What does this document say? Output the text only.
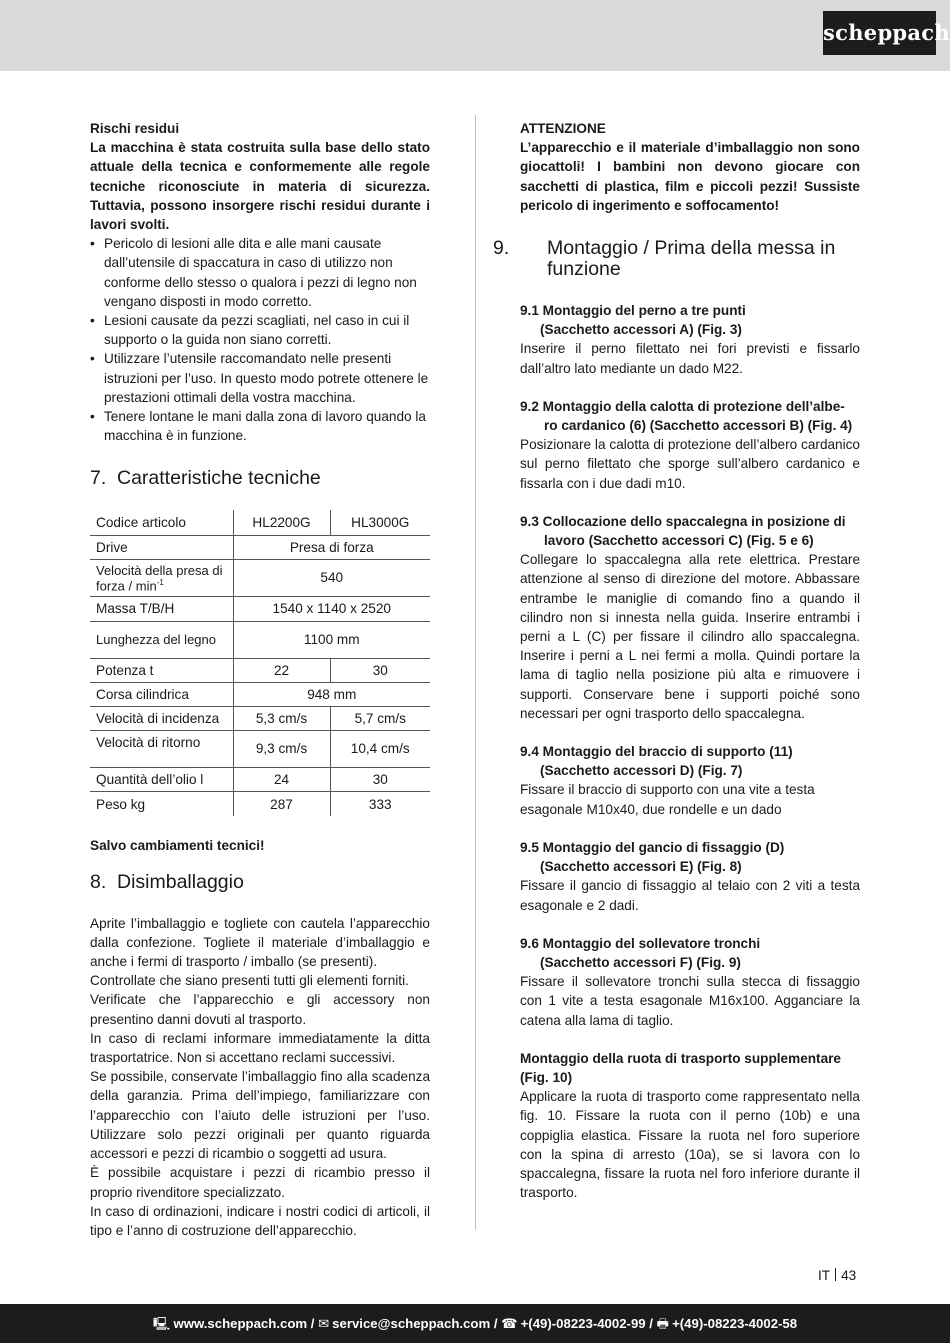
scheppach
Rischi residui

La macchina è stata costruita sulla base dello stato attuale della tecnica e conformemente alle regole tecniche riconosciute in materia di sicurezza. Tuttavia, possono insorgere rischi residui durante i lavori svolti.

• Pericolo di lesioni alle dita e alle mani causate dall’utensile di spaccatura in caso di utilizzo non conforme dello stesso o qualora i pezzi di legno non vengano disposti in modo corretto.
• Lesioni causate da pezzi scagliati, nel caso in cui il supporto o la guida non siano corretti.
• Utilizzare l’utensile raccomandato nelle presenti istruzioni per l’uso. In questo modo potrete ottenere le prestazioni ottimali della vostra macchina.
• Tenere lontane le mani dalla zona di lavoro quando la macchina è in funzione.
7. Caratteristiche tecniche
Codice articolo	HL2200G	HL3000G
Drive	Presa di forza	
Velocità della presa di forza / $\min^{-1}$	540	
Massa T/B/H	1540 x 1140 x 2520	
Lunghezza del legno	1100 mm	
Potenza t	22	30
Corsa cilindrica	948 mm	
Velocità di incidenza	5,3 cm/s	5,7 cm/s
Velocità di ritorno	9,3 cm/s	10,4 cm/s
Quantità dell’olio l	24	30
Peso kg	287	333
Salvo cambiamenti tecnici!
8. Disimballaggio

Aprite l’imballaggio e togliete con cautela l’apparecchio dalla confezione. Togliete il materiale d’imballaggio e anche i fermi di trasporto / imballo (se presenti).

Controllate che siano presenti tutti gli elementi forniti.

Verificate che l’apparecchio e gli accessory non presentino danni dovuti al trasporto.

In caso di reclami informare immediatamente la ditta trasportatrice. Non si accettano reclami successivi.

Se possibile, conservate l’imballaggio fino alla scadenza della garanzia. Prima dell’impiego, familiarizzare con l’apparecchio con l’aiuto delle istruzioni per l’uso. Utilizzare solo pezzi originali per quanto riguarda accessori e pezzi di ricambio o soggetti ad usura.

È possibile acquistare i pezzi di ricambio presso il proprio rivenditore specializzato.

In caso di ordinazioni, indicare i nostri codici di articoli, il tipo e l’anno di costruzione dell’apparecchio.

ATTENZIONE

L’apparecchio e il materiale d’imballaggio non sono giocattoli! I bambini non devono giocare con sacchetti di plastica, film e piccoli pezzi! Sussiste pericolo di ingerimento e soffocamento!

9. Montaggio / Prima della messa in funzione
9.1 Montaggio del perno a tre punti
(Sacchetto accessori A) (Fig. 3)

Inserire il perno filettato nei fori previsti e fissarlo dall’altro lato mediante un dado M22.

9.2 Montaggio della calotta di protezione dell’albe-
ro cardanico (6) (Sacchetto accessori B) (Fig. 4)

Posizionare la calotta di protezione dell’albero cardanico sul perno filettato che sporge sull’albero cardanico e fissarla con i due dadi m10.

9.3 Collocazione dello spaccalegna in posizione di
lavoro (Sacchetto accessori C) (Fig. 5 e 6)

Collegare lo spaccalegna alla rete elettrica. Prestare attenzione al senso di direzione del motore. Abbassare entrambe le maniglie di comando fino a quando il cilindro non si innesta nella guida. Inserire entrambi i perni a L (C) per fissare il cilindro allo spaccalegna. Inserire i perni a L nei fermi a molla. Quindi portare la lama di taglio nella posizione più alta e rimuovere i supporti. Conservare bene i supporti poiché sono necessari per ogni trasporto dello spaccalegna.

9.4 Montaggio del braccio di supporto (11)
(Sacchetto accessori D) (Fig. 7)

Fissare il braccio di supporto con una vite a testa esagonale M10x40, due rondelle e un dado

9.5 Montaggio del gancio di fissaggio (D)
(Sacchetto accessori E) (Fig. 8)

Fissare il gancio di fissaggio al telaio con 2 viti a testa esagonale e 2 dadi.

9.6 Montaggio del sollevatore tronchi
(Sacchetto accessori F) (Fig. 9)

Fissare il sollevatore tronchi sulla stecca di fissaggio con 1 vite a testa esagonale M16x100. Agganciare la catena alla lama di taglio.

Montaggio della ruota di trasporto supplementare
(Fig. 10)

Applicare la ruota di trasporto come rappresentato nella fig. 10. Fissare la ruota con il perno (10b) e una coppiglia elastica. Fissare la ruota nel foro superiore con la spina di arresto (10a), se si lavora con lo spaccalegna, fissare la ruota nel foro inferiore durante il trasporto.

IT 43
🖳 www.scheppach.com / ✉ service@scheppach.com / ☎ +(49)-08223-4002-99 / 🖶 +(49)-08223-4002-58
